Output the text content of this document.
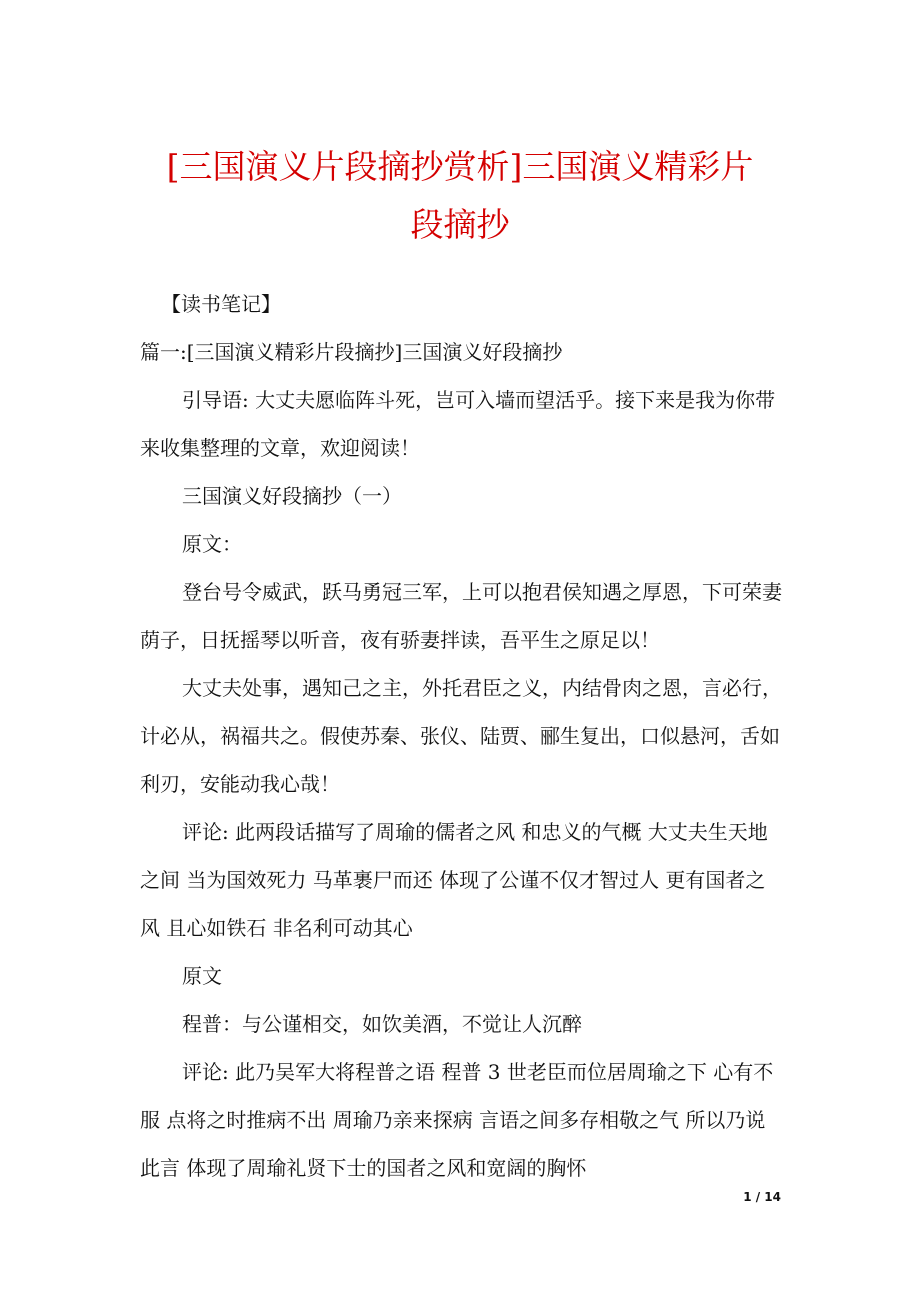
[三国演义片段摘抄赏析]三国演义精彩片
段摘抄

【读书笔记】

篇一:[三国演义精彩片段摘抄]三国演义好段摘抄

引导语: 大丈夫愿临阵斗死，岂可入墙而望活乎。接下来是我为你带来收集整理的文章，欢迎阅读！

三国演义好段摘抄（一）

原文：

登台号令威武，跃马勇冠三军，上可以抱君侯知遇之厚恩，下可荣妻荫子，日抚摇琴以听音，夜有骄妻拌读，吾平生之原足以！

大丈夫处事，遇知己之主，外托君臣之义，内结骨肉之恩，言必行，计必从，祸福共之。假使苏秦、张仪、陆贾、郦生复出，口似悬河，舌如利刃，安能动我心哉！

评论: 此两段话描写了周瑜的儒者之风 和忠义的气概 大丈夫生天地之间 当为国效死力 马革裹尸而还 体现了公谨不仅才智过人 更有国者之风 且心如铁石 非名利可动其心

原文

程普：与公谨相交，如饮美酒，不觉让人沉醉

评论: 此乃吴军大将程普之语 程普 3 世老臣而位居周瑜之下 心有不服 点将之时推病不出 周瑜乃亲来探病 言语之间多存相敬之气 所以乃说此言 体现了周瑜礼贤下士的国者之风和宽阔的胸怀

1 / 14
